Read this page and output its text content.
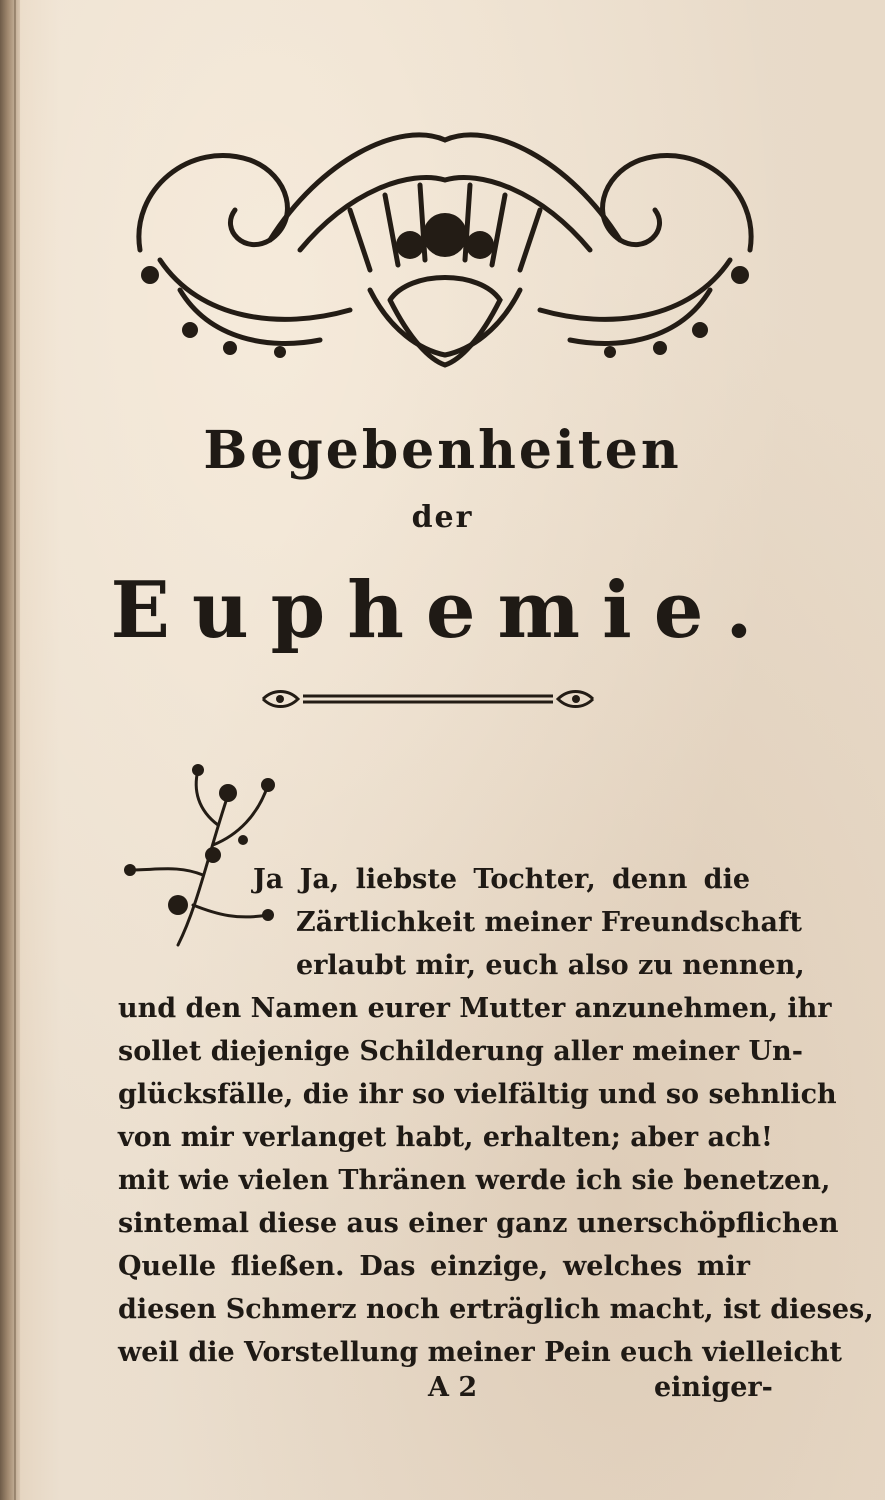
Begebenheiten
der
Euphemie.
Ja Ja, liebste Tochter, denn die
Zärtlichkeit meiner Freundschaft
erlaubt mir, euch also zu nennen,
und den Namen eurer Mutter anzunehmen, ihr
sollet diejenige Schilderung aller meiner Un-
glücksfälle, die ihr so vielfältig und so sehnlich
von mir verlanget habt, erhalten; aber ach!
mit wie vielen Thränen werde ich sie benetzen,
sintemal diese aus einer ganz unerschöpflichen
Quelle fließen. Das einzige, welches mir
diesen Schmerz noch erträglich macht, ist dieses,
weil die Vorstellung meiner Pein euch vielleicht
A 2	einiger-
